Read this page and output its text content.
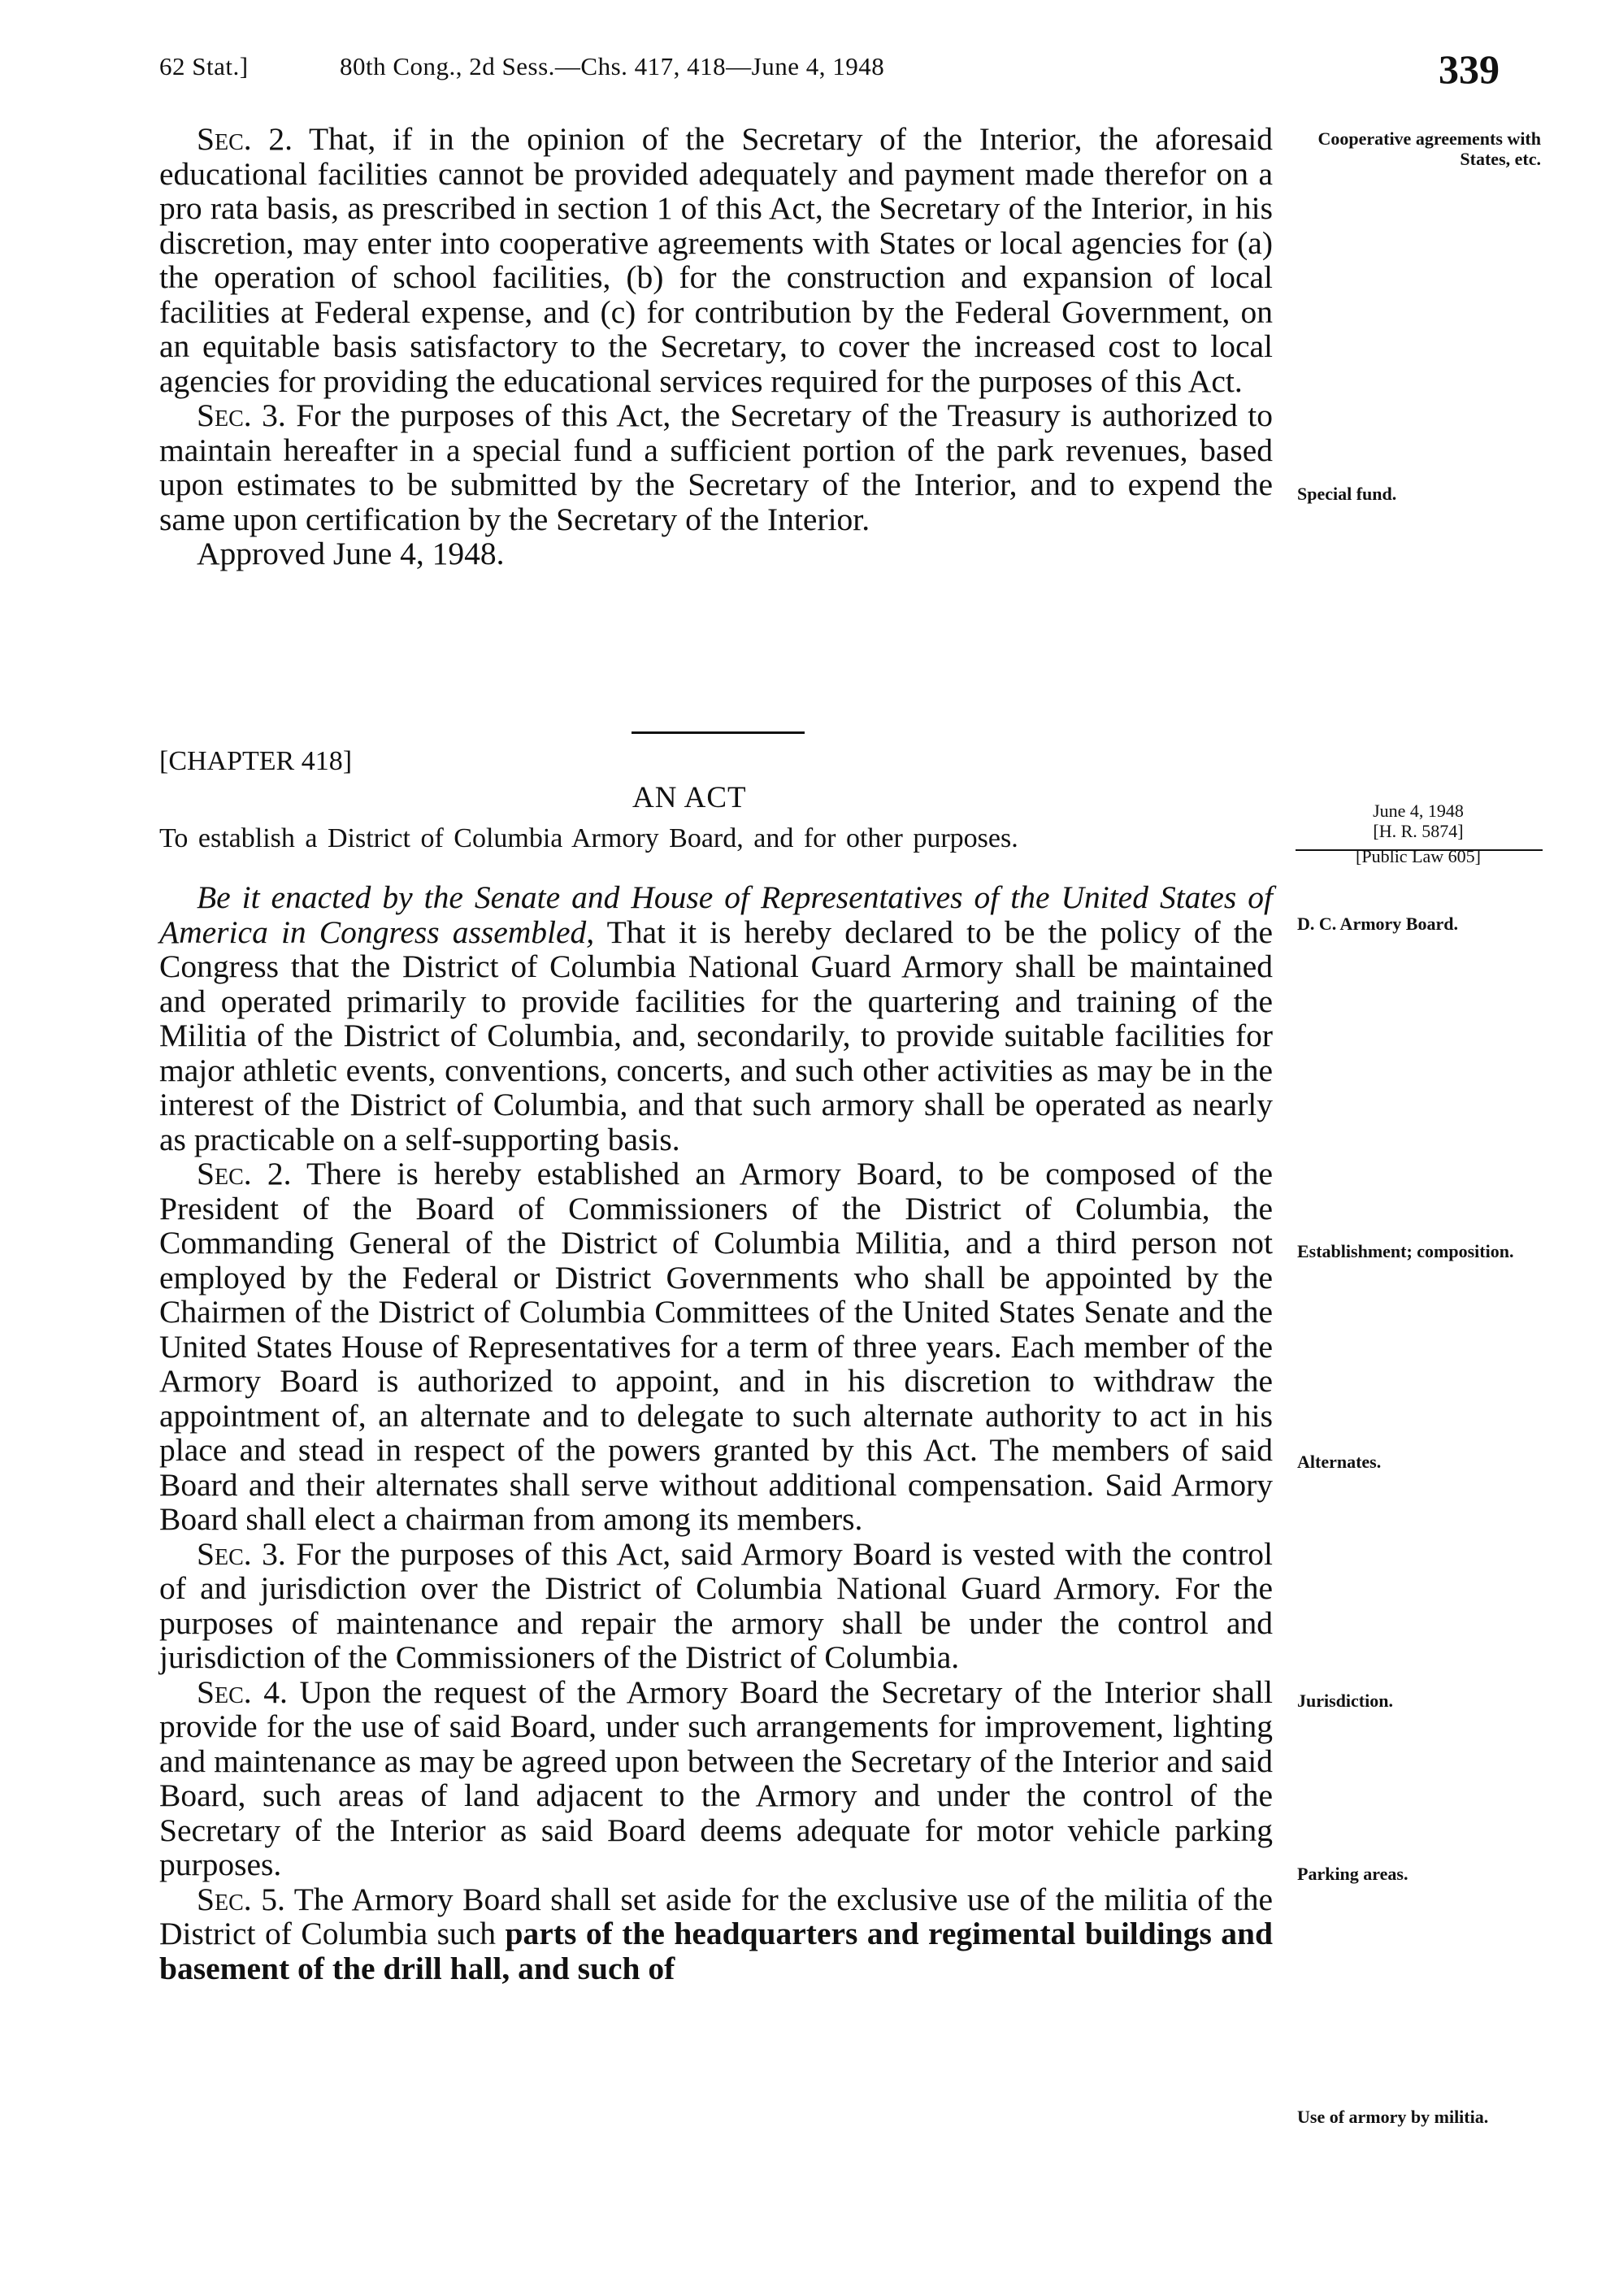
62 Stat.]	80th Cong., 2d Sess.—Chs. 417, 418—June 4, 1948	339

Sec. 2. That, if in the opinion of the Secretary of the Interior, the aforesaid educational facilities cannot be provided adequately and payment made therefor on a pro rata basis, as prescribed in section 1 of this Act, the Secretary of the Interior, in his discretion, may enter into cooperative agreements with States or local agencies for (a) the operation of school facilities, (b) for the construction and expansion of local facilities at Federal expense, and (c) for contribution by the Federal Government, on an equitable basis satisfactory to the Secretary, to cover the increased cost to local agencies for providing the educational services required for the purposes of this Act.

Sec. 3. For the purposes of this Act, the Secretary of the Treasury is authorized to maintain hereafter in a special fund a sufficient portion of the park revenues, based upon estimates to be submitted by the Secretary of the Interior, and to expend the same upon certification by the Secretary of the Interior.

Approved June 4, 1948.

Cooperative agreements with States, etc.
Special fund.
[CHAPTER 418]
AN ACT
To establish a District of Columbia Armory Board, and for other purposes.
June 4, 1948
[H. R. 5874]
[Public Law 605]

Be it enacted by the Senate and House of Representatives of the United States of America in Congress assembled, That it is hereby declared to be the policy of the Congress that the District of Columbia National Guard Armory shall be maintained and operated primarily to provide facilities for the quartering and training of the Militia of the District of Columbia, and, secondarily, to provide suitable facilities for major athletic events, conventions, concerts, and such other activities as may be in the interest of the District of Columbia, and that such armory shall be operated as nearly as practicable on a self-supporting basis.

Sec. 2. There is hereby established an Armory Board, to be composed of the President of the Board of Commissioners of the District of Columbia, the Commanding General of the District of Columbia Militia, and a third person not employed by the Federal or District Governments who shall be appointed by the Chairmen of the District of Columbia Committees of the United States Senate and the United States House of Representatives for a term of three years. Each member of the Armory Board is authorized to appoint, and in his discretion to withdraw the appointment of, an alternate and to delegate to such alternate authority to act in his place and stead in respect of the powers granted by this Act. The members of said Board and their alternates shall serve without additional compensation. Said Armory Board shall elect a chairman from among its members.

Sec. 3. For the purposes of this Act, said Armory Board is vested with the control of and jurisdiction over the District of Columbia National Guard Armory. For the purposes of maintenance and repair the armory shall be under the control and jurisdiction of the Commissioners of the District of Columbia.

Sec. 4. Upon the request of the Armory Board the Secretary of the Interior shall provide for the use of said Board, under such arrangements for improvement, lighting and maintenance as may be agreed upon between the Secretary of the Interior and said Board, such areas of land adjacent to the Armory and under the control of the Secretary of the Interior as said Board deems adequate for motor vehicle parking purposes.

Sec. 5. The Armory Board shall set aside for the exclusive use of the militia of the District of Columbia such parts of the headquarters and regimental buildings and basement of the drill hall, and such of

D. C. Armory Board.
Establishment; composition.
Alternates.
Jurisdiction.
Parking areas.
Use of armory by militia.
